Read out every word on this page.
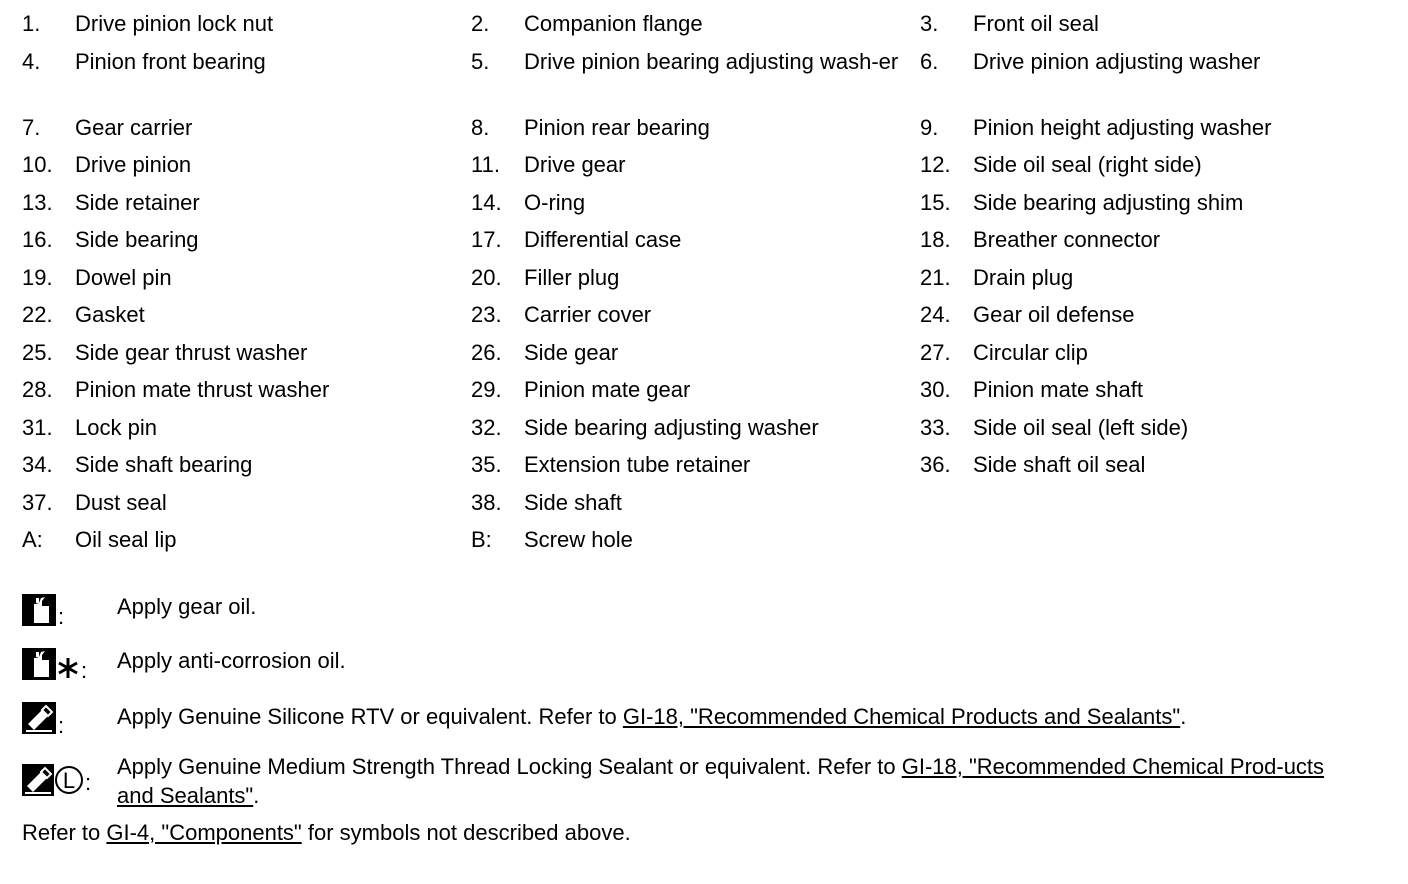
1. Drive pinion lock nut	2. Companion flange	3. Front oil seal
4. Pinion front bearing	5. Drive pinion bearing adjusting wash-er 6. Drive pinion adjusting washer
7. Gear carrier	8. Pinion rear bearing	9. Pinion height adjusting washer
10. Drive pinion	11. Drive gear	12. Side oil seal (right side)
13. Side retainer	14. O-ring	15. Side bearing adjusting shim
16. Side bearing	17. Differential case	18. Breather connector
19. Dowel pin	20. Filler plug	21. Drain plug
22. Gasket	23. Carrier cover	24. Gear oil defense
25. Side gear thrust washer	26. Side gear	27. Circular clip
28. Pinion mate thrust washer	29. Pinion mate gear	30. Pinion mate shaft
31. Lock pin	32. Side bearing adjusting washer	33. Side oil seal (left side)
34. Side shaft bearing	35. Extension tube retainer	36. Side shaft oil seal
37. Dust seal	38. Side shaft
A: Oil seal lip	B: Screw hole
: Apply gear oil.
: Apply anti-corrosion oil.
: Apply Genuine Silicone RTV or equivalent. Refer to GI-18, "Recommended Chemical Products and Sealants".
L :
Apply Genuine Medium Strength Thread Locking Sealant or equivalent. Refer to GI-18, "Recommended Chemical Prod-ucts and Sealants".
Refer to GI-4, "Components" for symbols not described above.
